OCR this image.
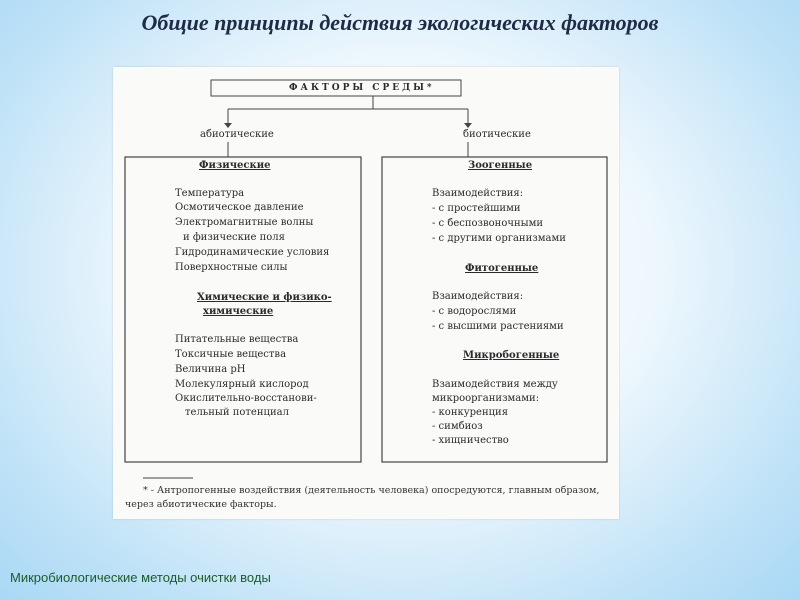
Общие принципы действия экологических факторов
ФАКТОРЫ СРЕДЫ*
абиотические	биотические
Физические
Температура
Осмотическое давление
Электромагнитные волны
и физические поля
Гидродинамические условия
Поверхностные силы
Химические и физико-
химические
Питательные вещества
Токсичные вещества
Величина pH
Молекулярный кислород
Окислительно-восстанови-
тельный потенциал
Зоогенные
Взаимодействия:
- с простейшими
- с беспозвоночными
- с другими организмами
Фитогенные
Взаимодействия:
- с водорослями
- с высшими растениями
Микробогенные
Взаимодействия между
микроорганизмами:
- конкуренция
- симбиоз
- хищничество
* - Антропогенные воздействия (деятельность человека) опосредуются, главным образом,
через абиотические факторы.
Микробиологические методы очистки воды
